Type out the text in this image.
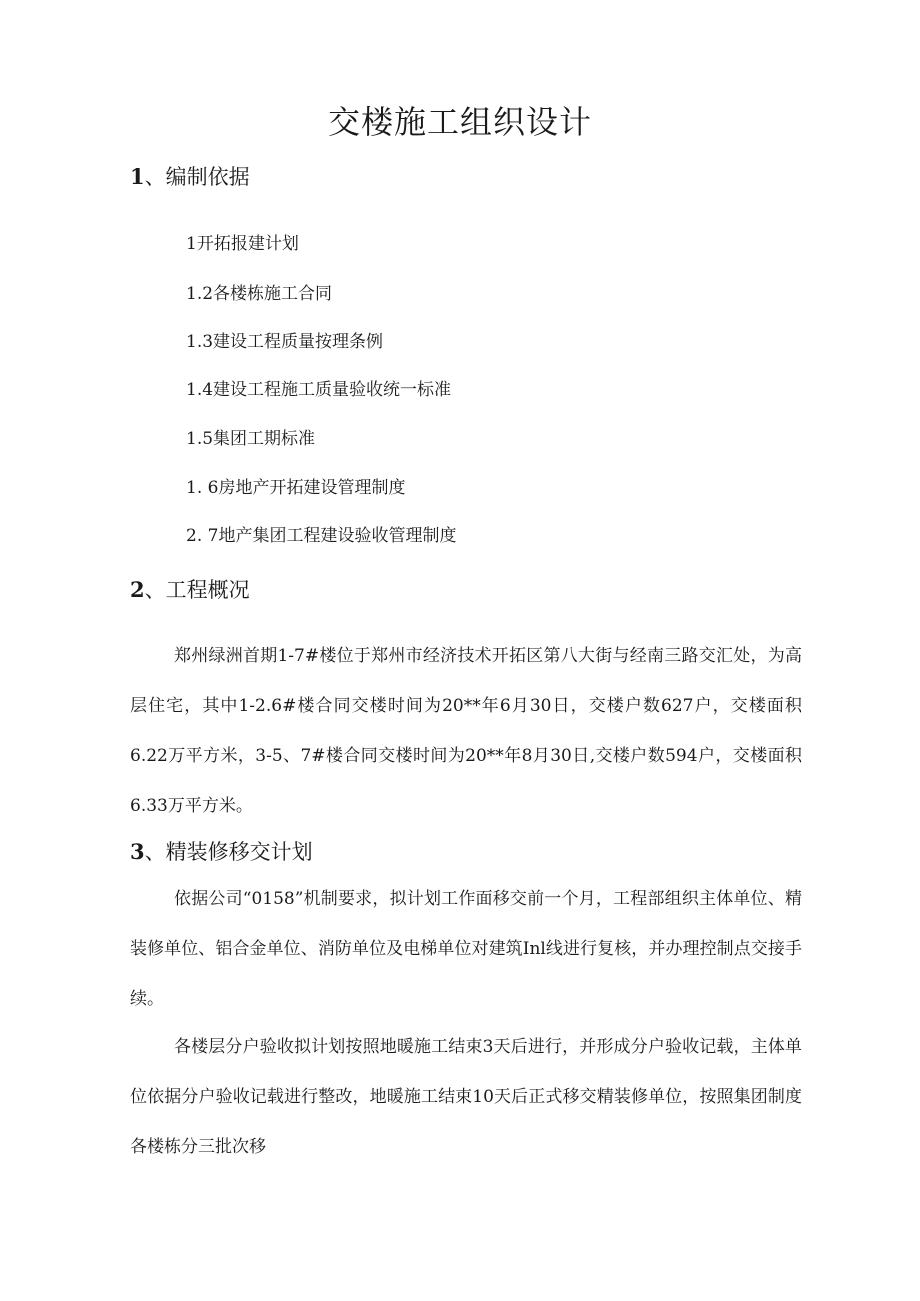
交楼施工组织设计
1、编制依据
1开拓报建计划
1.2各楼栋施工合同
1.3建设工程质量按理条例
1.4建设工程施工质量验收统一标准
1.5集团工期标准
1. 6房地产开拓建设管理制度
2. 7地产集团工程建设验收管理制度
2、工程概况

郑州绿洲首期1-7#楼位于郑州市经济技术开拓区第八大街与经南三路交汇处，为高层住宅，其中1-2.6#楼合同交楼时间为20**年6月30日，交楼户数627户，交楼面积6.22万平方米，3-5、7#楼合同交楼时间为20**年8月30日,交楼户数594户，交楼面积6.33万平方米。

3、精装修移交计划

依据公司“0158”机制要求，拟计划工作面移交前一个月，工程部组织主体单位、精装修单位、铝合金单位、消防单位及电梯单位对建筑Inl线进行复核，并办理控制点交接手续。

各楼层分户验收拟计划按照地暖施工结束3天后进行，并形成分户验收记载，主体单位依据分户验收记载进行整改，地暖施工结束10天后正式移交精装修单位，按照集团制度各楼栋分三批次移
